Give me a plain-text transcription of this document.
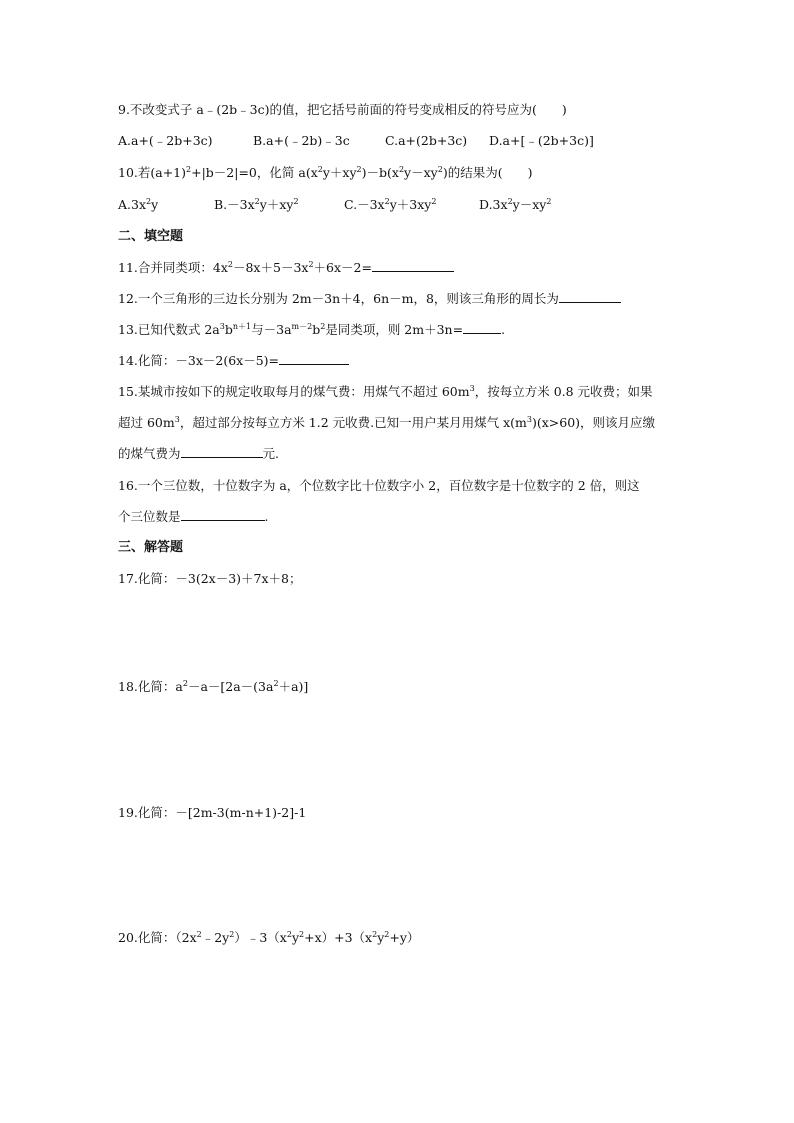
9.不改变式子 a﹣(2b﹣3c)的值，把它括号前面的符号变成相反的符号应为(　　)
A.a+(﹣2b+3c)	B.a+(﹣2b)﹣3c	C.a+(2b+3c) D.a+[﹣(2b+3c)]
10.若$(a+1)^2+|b-2|=0$，化简 $a(x^2y+xy^2)-b(x^2y-xy^2)$的结果为(　　)
$A.3x^2y$	$B.-3x^2y+xy^2$	$C.-3x^2y+3xy^2$	$D.3x^2y-xy^2$
二、填空题
11.合并同类项：$4x^2-8x+5-3x^2+6x-2=$
12.一个三角形的三边长分别为 2m－3n＋4，6n－m，8，则该三角形的周长为
13.已知代数式 $2a^3b^{n+1}$与$-3a^{m-2}b^2$是同类项，则 2m＋3n=	.
14.化简：－3x－2(6x－5)=
15.某城市按如下的规定收取每月的煤气费：用煤气不超过 $60m^3$，按每立方米 0.8 元收费；如果
超过 $60m^3$，超过部分按每立方米 1.2 元收费.已知一用户某月用煤气 $x(m^3)(x>60)$，则该月应缴
的煤气费为	元.
16.一个三位数，十位数字为 a，个位数字比十位数字小 2，百位数字是十位数字的 2 倍，则这
个三位数是	.
三、解答题
17.化简：－3(2x－3)＋7x＋8；
18.化简：$a^2-a-[2a-(3a^2+a)]$
19.化简：－[2m-3(m-n+1)-2]-1
20.化简：$(2x^2﹣2y^2)﹣3(x^2y^2+x)+3(x^2y^2+y)$
